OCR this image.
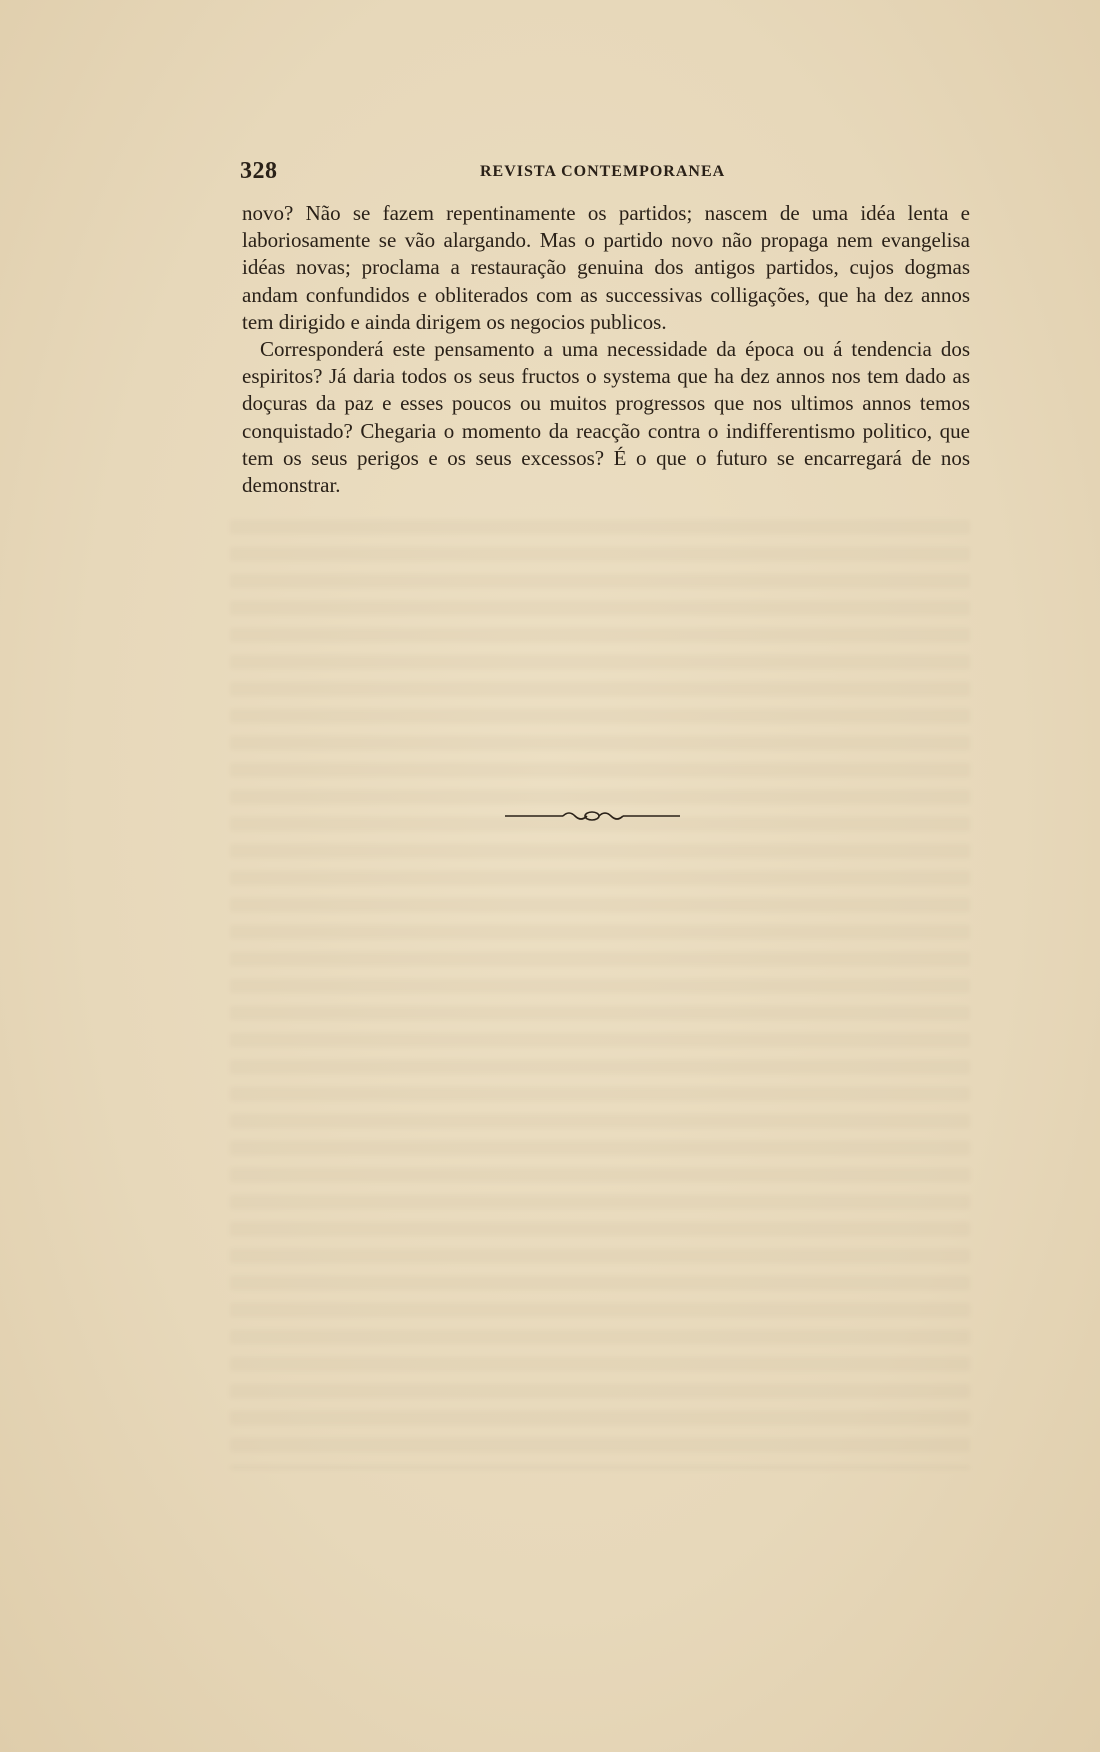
328	REVISTA CONTEMPORANEA

novo? Não se fazem repentinamente os partidos; nascem de uma idéa lenta e laboriosamente se vão alargando. Mas o partido novo não propaga nem evangelisa idéas novas; proclama a restauração genuina dos antigos partidos, cujos dogmas andam confundidos e obliterados com as successivas colligações, que ha dez annos tem dirigido e ainda dirigem os negocios publicos.

Corresponderá este pensamento a uma necessidade da época ou á tendencia dos espiritos? Já daria todos os seus fructos o systema que ha dez annos nos tem dado as doçuras da paz e esses poucos ou muitos progressos que nos ultimos annos temos conquistado? Chegaria o momento da reacção contra o indifferentismo politico, que tem os seus perigos e os seus excessos? É o que o futuro se encarregará de nos demonstrar.
